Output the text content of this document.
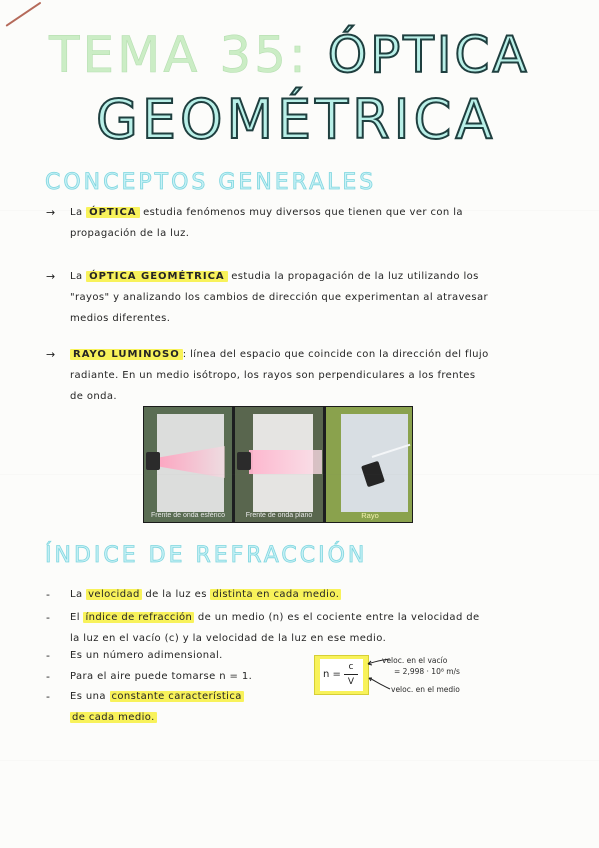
TEMA 35: ÓPTICA
GEOMÉTRICA
CONCEPTOS GENERALES
→	La ÓPTICA estudia fenómenos muy diversos que tienen que ver con la
propagación de la luz.
→	La ÓPTICA GEOMÉTRICA estudia la propagación de la luz utilizando los
"rayos" y analizando los cambios de dirección que experimentan al atravesar
medios diferentes.
→	RAYO LUMINOSO : línea del espacio que coincide con la dirección del flujo
radiante. En un medio isótropo, los rayos son perpendiculares a los frentes
de onda.
Frente de onda esférico	Frente de onda plano	Rayo
ÍNDICE DE REFRACCIÓN
-	La velocidad de la luz es distinta en cada medio.
-	El índice de refracción de un medio (n) es el cociente entre la velocidad de
la luz en el vacío (c) y la velocidad de la luz en ese medio.
-	Es un número adimensional.
-	Para el aire puede tomarse n = 1.
-	Es una constante característica
de cada medio.
n =
c
V
veloc. en el vacío
= 2,998 · 10⁸ m/s
veloc. en el medio
